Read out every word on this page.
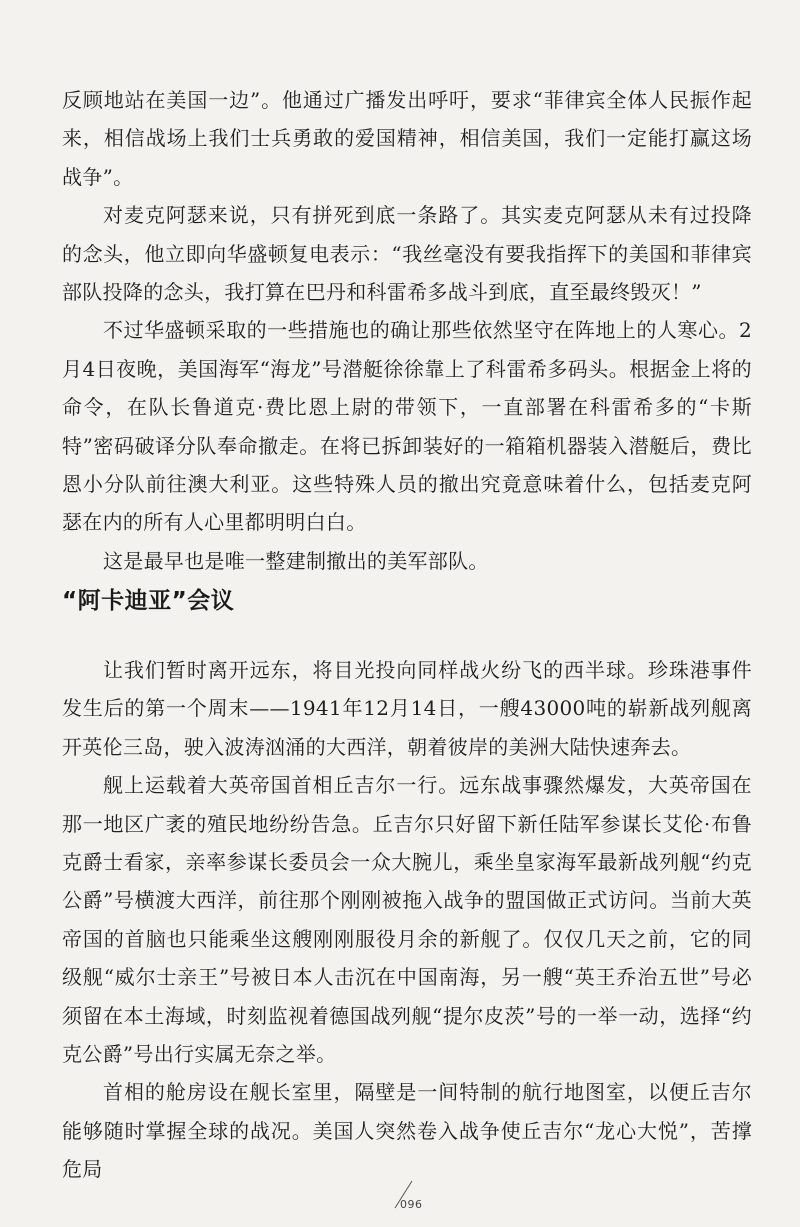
反顾地站在美国一边”。他通过广播发出呼吁，要求“菲律宾全体人民振作起来，相信战场上我们士兵勇敢的爱国精神，相信美国，我们一定能打赢这场战争”。

对麦克阿瑟来说，只有拼死到底一条路了。其实麦克阿瑟从未有过投降的念头，他立即向华盛顿复电表示：“我丝毫没有要我指挥下的美国和菲律宾部队投降的念头，我打算在巴丹和科雷希多战斗到底，直至最终毁灭！”

不过华盛顿采取的一些措施也的确让那些依然坚守在阵地上的人寒心。2月4日夜晚，美国海军“海龙”号潜艇徐徐靠上了科雷希多码头。根据金上将的命令，在队长鲁道克·费比恩上尉的带领下，一直部署在科雷希多的“卡斯特”密码破译分队奉命撤走。在将已拆卸装好的一箱箱机器装入潜艇后，费比恩小分队前往澳大利亚。这些特殊人员的撤出究竟意味着什么，包括麦克阿瑟在内的所有人心里都明明白白。

这是最早也是唯一整建制撤出的美军部队。

“阿卡迪亚”会议

让我们暂时离开远东，将目光投向同样战火纷飞的西半球。珍珠港事件发生后的第一个周末——1941年12月14日，一艘43000吨的崭新战列舰离开英伦三岛，驶入波涛汹涌的大西洋，朝着彼岸的美洲大陆快速奔去。

舰上运载着大英帝国首相丘吉尔一行。远东战事骤然爆发，大英帝国在那一地区广袤的殖民地纷纷告急。丘吉尔只好留下新任陆军参谋长艾伦·布鲁克爵士看家，亲率参谋长委员会一众大腕儿，乘坐皇家海军最新战列舰“约克公爵”号横渡大西洋，前往那个刚刚被拖入战争的盟国做正式访问。当前大英帝国的首脑也只能乘坐这艘刚刚服役月余的新舰了。仅仅几天之前，它的同级舰“威尔士亲王”号被日本人击沉在中国南海，另一艘“英王乔治五世”号必须留在本土海域，时刻监视着德国战列舰“提尔皮茨”号的一举一动，选择“约克公爵”号出行实属无奈之举。

首相的舱房设在舰长室里，隔壁是一间特制的航行地图室，以便丘吉尔能够随时掌握全球的战况。美国人突然卷入战争使丘吉尔“龙心大悦”，苦撑危局

096
